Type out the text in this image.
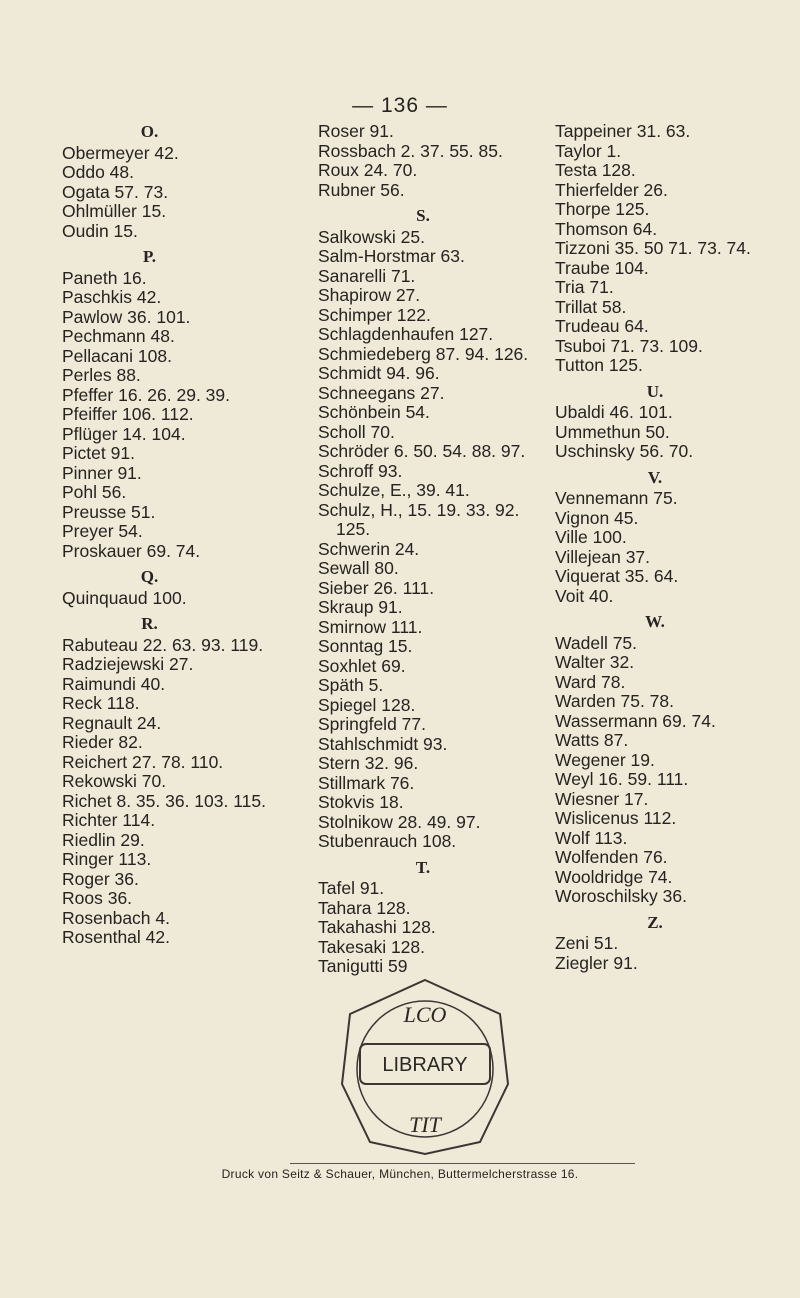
— 136 —
O.
Obermeyer 42.
Oddo 48.
Ogata 57. 73.
Ohlmüller 15.
Oudin 15.
P.
Paneth 16.
Paschkis 42.
Pawlow 36. 101.
Pechmann 48.
Pellacani 108.
Perles 88.
Pfeffer 16. 26. 29. 39.
Pfeiffer 106. 112.
Pflüger 14. 104.
Pictet 91.
Pinner 91.
Pohl 56.
Preusse 51.
Preyer 54.
Proskauer 69. 74.
Q.
Quinquaud 100.
R.
Rabuteau 22. 63. 93. 119.
Radziejewski 27.
Raimundi 40.
Reck 118.
Regnault 24.
Rieder 82.
Reichert 27. 78. 110.
Rekowski 70.
Richet 8. 35. 36. 103. 115.
Richter 114.
Riedlin 29.
Ringer 113.
Roger 36.
Roos 36.
Rosenbach 4.
Rosenthal 42.
Roser 91.
Rossbach 2. 37. 55. 85.
Roux 24. 70.
Rubner 56.
S.
Salkowski 25.
Salm-Horstmar 63.
Sanarelli 71.
Shapirow 27.
Schimper 122.
Schlagdenhaufen 127.
Schmiedeberg 87. 94. 126.
Schmidt 94. 96.
Schneegans 27.
Schönbein 54.
Scholl 70.
Schröder 6. 50. 54. 88. 97.
Schroff 93.
Schulze, E., 39. 41.
Schulz, H., 15. 19. 33. 92.
125.
Schwerin 24.
Sewall 80.
Sieber 26. 111.
Skraup 91.
Smirnow 111.
Sonntag 15.
Soxhlet 69.
Späth 5.
Spiegel 128.
Springfeld 77.
Stahlschmidt 93.
Stern 32. 96.
Stillmark 76.
Stokvis 18.
Stolnikow 28. 49. 97.
Stubenrauch 108.
T.
Tafel 91.
Tahara 128.
Takahashi 128.
Takesaki 128.
Tanigutti 59
Tappeiner 31. 63.
Taylor 1.
Testa 128.
Thierfelder 26.
Thorpe 125.
Thomson 64.
Tizzoni 35. 50 71. 73. 74.
Traube 104.
Tria 71.
Trillat 58.
Trudeau 64.
Tsuboi 71. 73. 109.
Tutton 125.
U.
Ubaldi 46. 101.
Ummethun 50.
Uschinsky 56. 70.
V.
Vennemann 75.
Vignon 45.
Ville 100.
Villejean 37.
Viquerat 35. 64.
Voit 40.
W.
Wadell 75.
Walter 32.
Ward 78.
Warden 75. 78.
Wassermann 69. 74.
Watts 87.
Wegener 19.
Weyl 16. 59. 111.
Wiesner 17.
Wislicenus 112.
Wolf 113.
Wolfenden 76.
Wooldridge 74.
Woroschilsky 36.
Z.
Zeni 51.
Ziegler 91.
LIBRARY
LCO
TIT
Druck von Seitz & Schauer, München, Buttermelcherstrasse 16.
